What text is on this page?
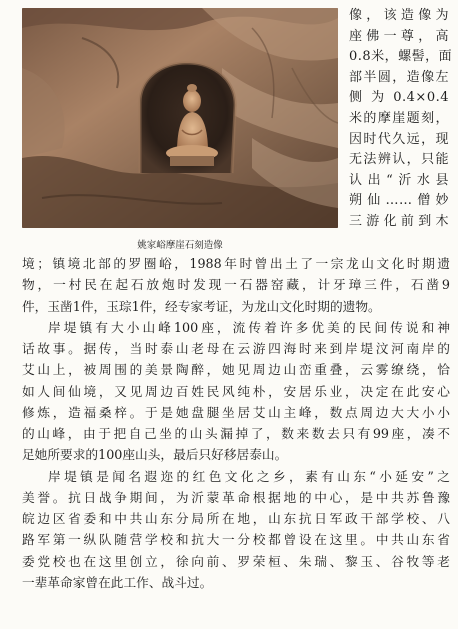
姚家峪摩崖石刻造像
像，该造像为
座佛一尊，高
0.8米，螺髻，面
部半圆，造像左
侧为0.4×0.4
米的摩崖题刻，
因时代久远，现
无法辨认，只能
认出“沂水县
朔仙……僧妙
三游化前到木
境；镇境北部的罗圈峪，1988年时曾出土了一宗龙山文化时期遗
物，一村民在起石放炮时发现一石器窑藏，计牙璋三件，石凿9
件，玉凿1件，玉琮1件，经专家考证，为龙山文化时期的遗物。
岸堤镇有大小山峰100座，流传着许多优美的民间传说和神
话故事。据传，当时泰山老母在云游四海时来到岸堤汶河南岸的
艾山上，被周围的美景陶醉，她见周边山峦重叠，云雾缭绕，恰
如人间仙境，又见周边百姓民风纯朴，安居乐业，决定在此安心
修炼，造福桑梓。于是她盘腿坐居艾山主峰，数点周边大大小小
的山峰，由于把自己坐的山头漏掉了，数来数去只有99座，凑不
足她所要求的100座山头，最后只好移居泰山。
岸堤镇是闻名遐迩的红色文化之乡，素有山东“小延安”之
美誉。抗日战争期间，为沂蒙革命根据地的中心，是中共苏鲁豫
皖边区省委和中共山东分局所在地，山东抗日军政干部学校、八
路军第一纵队随营学校和抗大一分校都曾设在这里。中共山东省
委党校也在这里创立，徐向前、罗荣桓、朱瑞、黎玉、谷牧等老
一辈革命家曾在此工作、战斗过。
